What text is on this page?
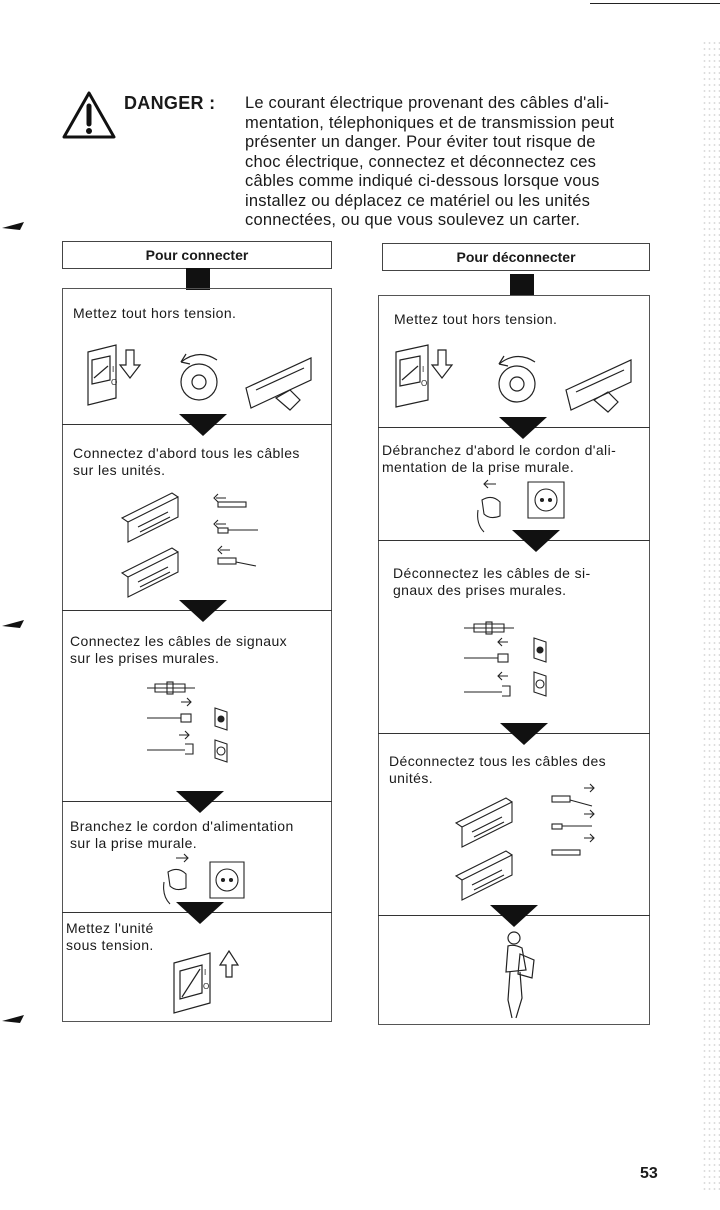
DANGER : Le courant électrique provenant des câbles d'ali-
mentation, télephoniques et de transmission peut
présenter un danger. Pour éviter tout risque de
choc électrique, connectez et déconnectez ces
câbles comme indiqué ci-dessous lorsque vous
installez ou déplacez ce matériel ou les unités
connectées, ou que vous soulevez un carter.
Pour connecter
Mettez tout hors tension.
I
O
Connectez d'abord tous les câbles
sur les unités.
Connectez les câbles de signaux
sur les prises murales.
Branchez le cordon d'alimentation
sur la prise murale.
Mettez l'unité
sous tension.
I
O
Pour déconnecter
Mettez tout hors tension.
I
O
Débranchez d'abord le cordon d'ali-
mentation de la prise murale.
Déconnectez les câbles de si-
gnaux des prises murales.
Déconnectez tous les câbles des
unités.
53
